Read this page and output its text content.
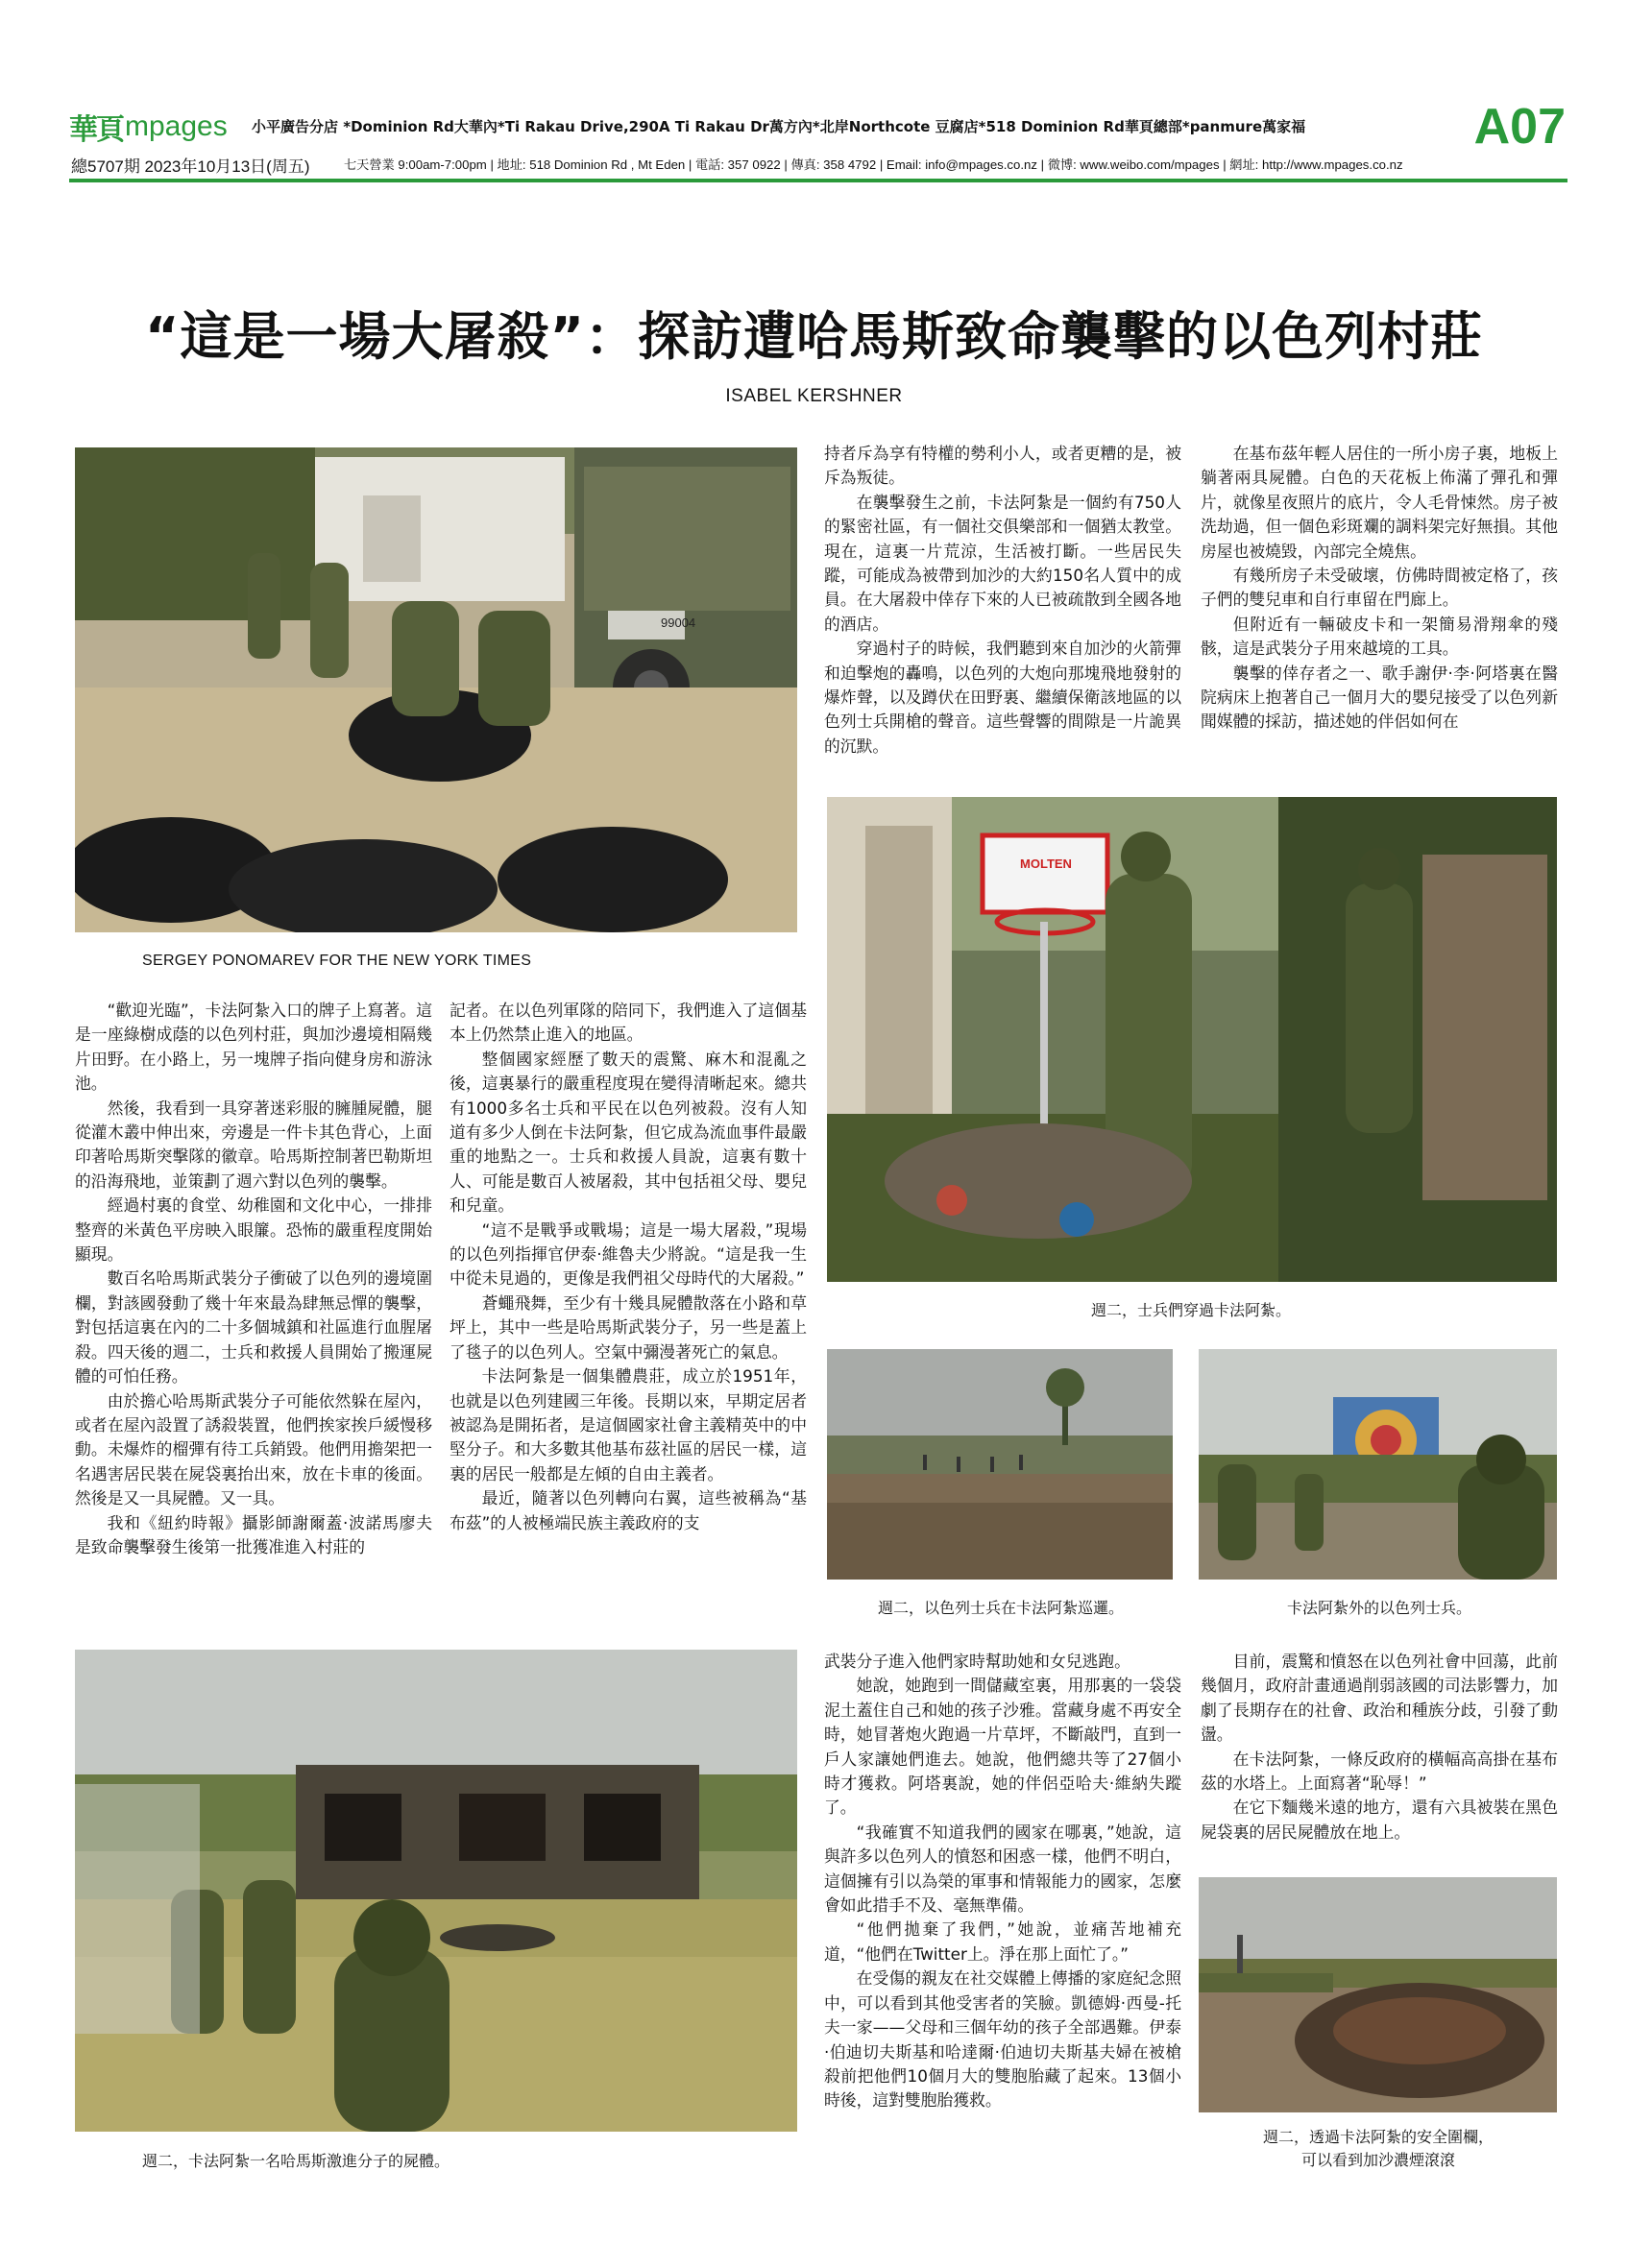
華頁 mpages 小平廣告分店 *Dominion Rd大華內*Ti Rakau Drive,290A Ti Rakau Dr萬方內*北岸Northcote 豆腐店*518 Dominion Rd華頁總部*panmure萬家福	A07
總5707期 2023年10月13日(周五)	七天營業 9:00am-7:00pm | 地址: 518 Dominion Rd , Mt Eden | 電話: 357 0922 | 傳真: 358 4792 | Email: info@mpages.co.nz | 微博: www.weibo.com/mpages | 網址: http://www.mpages.co.nz
“這是一場大屠殺”：探訪遭哈馬斯致命襲擊的以色列村莊
ISABEL KERSHNER
99004
SERGEY PONOMAREV FOR THE NEW YORK TIMES

“歡迎光臨”，卡法阿紮入口的牌子上寫著。這是一座綠樹成蔭的以色列村莊，與加沙邊境相隔幾片田野。在小路上，另一塊牌子指向健身房和游泳池。

然後，我看到一具穿著迷彩服的臃腫屍體，腿從灌木叢中伸出來，旁邊是一件卡其色背心，上面印著哈馬斯突擊隊的徽章。哈馬斯控制著巴勒斯坦的沿海飛地，並策劃了週六對以色列的襲擊。

經過村裏的食堂、幼稚園和文化中心，一排排整齊的米黃色平房映入眼簾。恐怖的嚴重程度開始顯現。

數百名哈馬斯武裝分子衝破了以色列的邊境圍欄，對該國發動了幾十年來最為肆無忌憚的襲擊，對包括這裏在內的二十多個城鎮和社區進行血腥屠殺。四天後的週二，士兵和救援人員開始了搬運屍體的可怕任務。

由於擔心哈馬斯武裝分子可能依然躲在屋內，或者在屋內設置了誘殺裝置，他們挨家挨戶緩慢移動。未爆炸的榴彈有待工兵銷毀。他們用擔架把一名遇害居民裝在屍袋裏抬出來，放在卡車的後面。然後是又一具屍體。又一具。

我和《紐約時報》攝影師謝爾蓋·波諾馬廖夫是致命襲擊發生後第一批獲准進入村莊的

記者。在以色列軍隊的陪同下，我們進入了這個基本上仍然禁止進入的地區。

整個國家經歷了數天的震驚、麻木和混亂之後，這裏暴行的嚴重程度現在變得清晰起來。總共有1000多名士兵和平民在以色列被殺。沒有人知道有多少人倒在卡法阿紮，但它成為流血事件最嚴重的地點之一。士兵和救援人員說，這裏有數十人、可能是數百人被屠殺，其中包括祖父母、嬰兒和兒童。

“這不是戰爭或戰場；這是一場大屠殺，”現場的以色列指揮官伊泰·維魯夫少將說。“這是我一生中從未見過的，更像是我們祖父母時代的大屠殺。”

蒼蠅飛舞，至少有十幾具屍體散落在小路和草坪上，其中一些是哈馬斯武裝分子，另一些是蓋上了毯子的以色列人。空氣中彌漫著死亡的氣息。

卡法阿紮是一個集體農莊，成立於1951年，也就是以色列建國三年後。長期以來，早期定居者被認為是開拓者，是這個國家社會主義精英中的中堅分子。和大多數其他基布茲社區的居民一樣，這裏的居民一般都是左傾的自由主義者。

最近，隨著以色列轉向右翼，這些被稱為“基布茲”的人被極端民族主義政府的支

持者斥為享有特權的勢利小人，或者更糟的是，被斥為叛徒。

在襲擊發生之前，卡法阿紮是一個約有750人的緊密社區，有一個社交俱樂部和一個猶太教堂。現在，這裏一片荒涼，生活被打斷。一些居民失蹤，可能成為被帶到加沙的大約150名人質中的成員。在大屠殺中倖存下來的人已被疏散到全國各地的酒店。

穿過村子的時候，我們聽到來自加沙的火箭彈和迫擊炮的轟鳴，以色列的大炮向那塊飛地發射的爆炸聲，以及蹲伏在田野裏、繼續保衛該地區的以色列士兵開槍的聲音。這些聲響的間隙是一片詭異的沉默。

在基布茲年輕人居住的一所小房子裏，地板上躺著兩具屍體。白色的天花板上佈滿了彈孔和彈片，就像星夜照片的底片，令人毛骨悚然。房子被洗劫過，但一個色彩斑斕的調料架完好無損。其他房屋也被燒毀，內部完全燒焦。

有幾所房子未受破壞，仿佛時間被定格了，孩子們的雙兒車和自行車留在門廊上。

但附近有一輛破皮卡和一架簡易滑翔傘的殘骸，這是武裝分子用來越境的工具。

襲擊的倖存者之一、歌手謝伊·李·阿塔裏在醫院病床上抱著自己一個月大的嬰兒接受了以色列新聞媒體的採訪，描述她的伴侶如何在

MOLTEN
週二，士兵們穿過卡法阿紮。
週二，以色列士兵在卡法阿紮巡邏。	卡法阿紮外的以色列士兵。
週二，卡法阿紮一名哈馬斯激進分子的屍體。

武裝分子進入他們家時幫助她和女兒逃跑。

她說，她跑到一間儲藏室裏，用那裏的一袋袋泥土蓋住自己和她的孩子沙雅。當藏身處不再安全時，她冒著炮火跑過一片草坪，不斷敲門，直到一戶人家讓她們進去。她說，他們總共等了27個小時才獲救。阿塔裏說，她的伴侶亞哈夫·維納失蹤了。

“我確實不知道我們的國家在哪裏，”她說，這與許多以色列人的憤怒和困惑一樣，他們不明白，這個擁有引以為榮的軍事和情報能力的國家，怎麼會如此措手不及、毫無準備。

“他們拋棄了我們，”她說，並痛苦地補充道，“他們在Twitter上。淨在那上面忙了。”

在受傷的親友在社交媒體上傳播的家庭紀念照中，可以看到其他受害者的笑臉。凱德姆·西曼-托夫一家——父母和三個年幼的孩子全部遇難。伊泰·伯迪切夫斯基和哈達爾·伯迪切夫斯基夫婦在被槍殺前把他們10個月大的雙胞胎藏了起來。13個小時後，這對雙胞胎獲救。

目前，震驚和憤怒在以色列社會中回蕩，此前幾個月，政府計畫通過削弱該國的司法影響力，加劇了長期存在的社會、政治和種族分歧，引發了動盪。

在卡法阿紮，一條反政府的橫幅高高掛在基布茲的水塔上。上面寫著“恥辱！”

在它下麵幾米遠的地方，還有六具被裝在黑色屍袋裏的居民屍體放在地上。

週二，透過卡法阿紮的安全圍欄，
可以看到加沙濃煙滾滾
